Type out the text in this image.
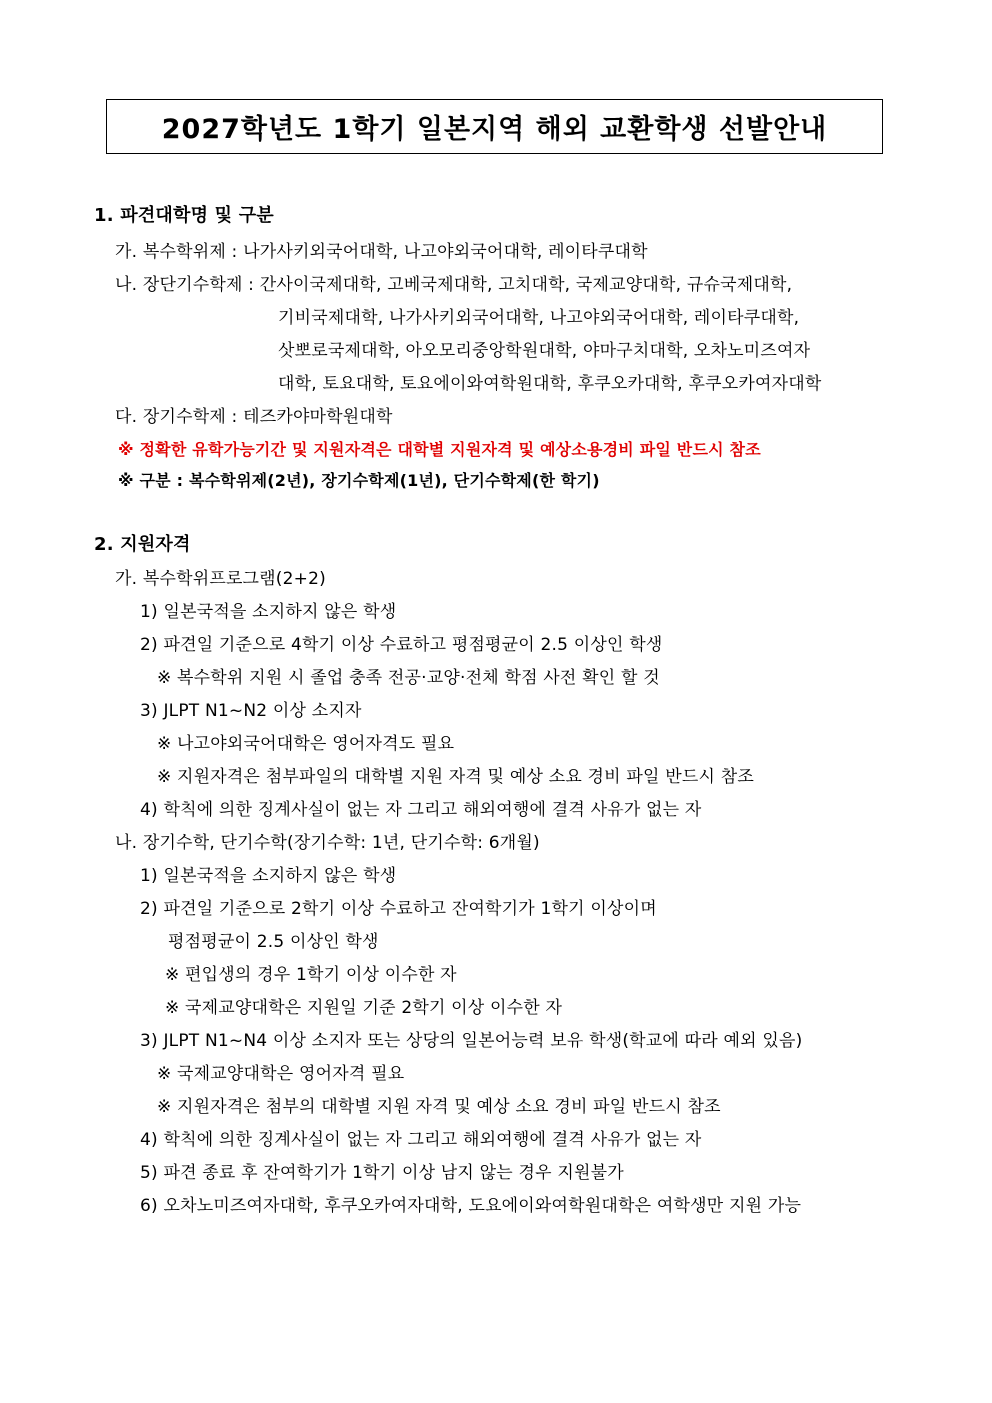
2027학년도 1학기 일본지역 해외 교환학생 선발안내
1. 파견대학명 및 구분
가. 복수학위제 : 나가사키외국어대학, 나고야외국어대학, 레이타쿠대학
나. 장단기수학제 : 간사이국제대학, 고베국제대학, 고치대학, 국제교양대학, 규슈국제대학,
기비국제대학, 나가사키외국어대학, 나고야외국어대학, 레이타쿠대학,
삿뽀로국제대학, 아오모리중앙학원대학, 야마구치대학, 오차노미즈여자
대학, 토요대학, 토요에이와여학원대학, 후쿠오카대학, 후쿠오카여자대학
다. 장기수학제 : 테즈카야마학원대학
※ 정확한 유학가능기간 및 지원자격은 대학별 지원자격 및 예상소용경비 파일 반드시 참조
※ 구분 : 복수학위제(2년), 장기수학제(1년), 단기수학제(한 학기)
2. 지원자격
가. 복수학위프로그램(2+2)
1) 일본국적을 소지하지 않은 학생
2) 파견일 기준으로 4학기 이상 수료하고 평점평균이 2.5 이상인 학생
※ 복수학위 지원 시 졸업 충족 전공·교양·전체 학점 사전 확인 할 것
3) JLPT N1~N2 이상 소지자
※ 나고야외국어대학은 영어자격도 필요
※ 지원자격은 첨부파일의 대학별 지원 자격 및 예상 소요 경비 파일 반드시 참조
4) 학칙에 의한 징계사실이 없는 자 그리고 해외여행에 결격 사유가 없는 자
나. 장기수학, 단기수학(장기수학: 1년, 단기수학: 6개월)
1) 일본국적을 소지하지 않은 학생
2) 파견일 기준으로 2학기 이상 수료하고 잔여학기가 1학기 이상이며
평점평균이 2.5 이상인 학생
※ 편입생의 경우 1학기 이상 이수한 자
※ 국제교양대학은 지원일 기준 2학기 이상 이수한 자
3) JLPT N1~N4 이상 소지자 또는 상당의 일본어능력 보유 학생(학교에 따라 예외 있음)
※ 국제교양대학은 영어자격 필요
※ 지원자격은 첨부의 대학별 지원 자격 및 예상 소요 경비 파일 반드시 참조
4) 학칙에 의한 징계사실이 없는 자 그리고 해외여행에 결격 사유가 없는 자
5) 파견 종료 후 잔여학기가 1학기 이상 남지 않는 경우 지원불가
6) 오차노미즈여자대학, 후쿠오카여자대학, 도요에이와여학원대학은 여학생만 지원 가능
